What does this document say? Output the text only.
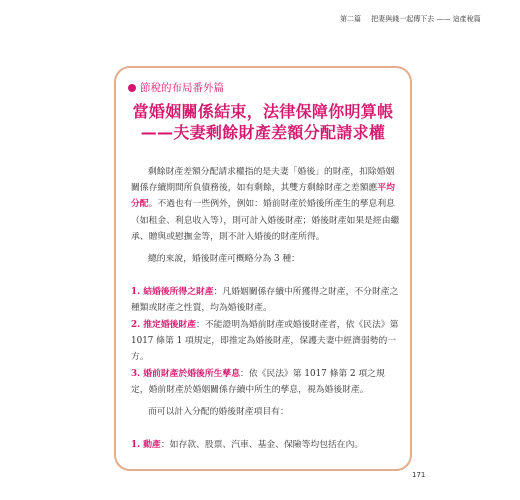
第二篇 把妻與錢一起傳下去 —— 這產稅篇
節稅的布局番外篇
當婚姻關係結束，法律保障你明算帳
——夫妻剩餘財產差額分配請求權

剩餘財產差額分配請求權指的是夫妻「婚後」的財產，扣除婚姻關係存續期間所負債務後，如有剩餘，其雙方剩餘財產之差額應平均分配。不過也有一些例外，例如：婚前財產於婚後所產生的孳息利息（如租金、利息收入等），則可計入婚後財產；婚後財產如果是經由繼承、贈與或慰撫金等，則不計入婚後的財產所得。

總的來說，婚後財產可概略分為 3 種：

1. 結婚後所得之財產：凡婚姻關係存續中所獲得之財產，不分財產之種類或財產之性質，均為婚後財產。

2. 推定婚後財產：不能證明為婚前財產或婚後財產者，依《民法》第 1017 條第 1 項規定，即推定為婚後財產，保護夫妻中經濟弱勢的一方。

3. 婚前財產於婚後所生孳息：依《民法》第 1017 條第 2 項之規定，婚前財產於婚姻關係存續中所生的孳息，視為婚後財產。

而可以計入分配的婚後財產項目有：

1. 動產：如存款、股票、汽車、基金、保險等均包括在內。

171
